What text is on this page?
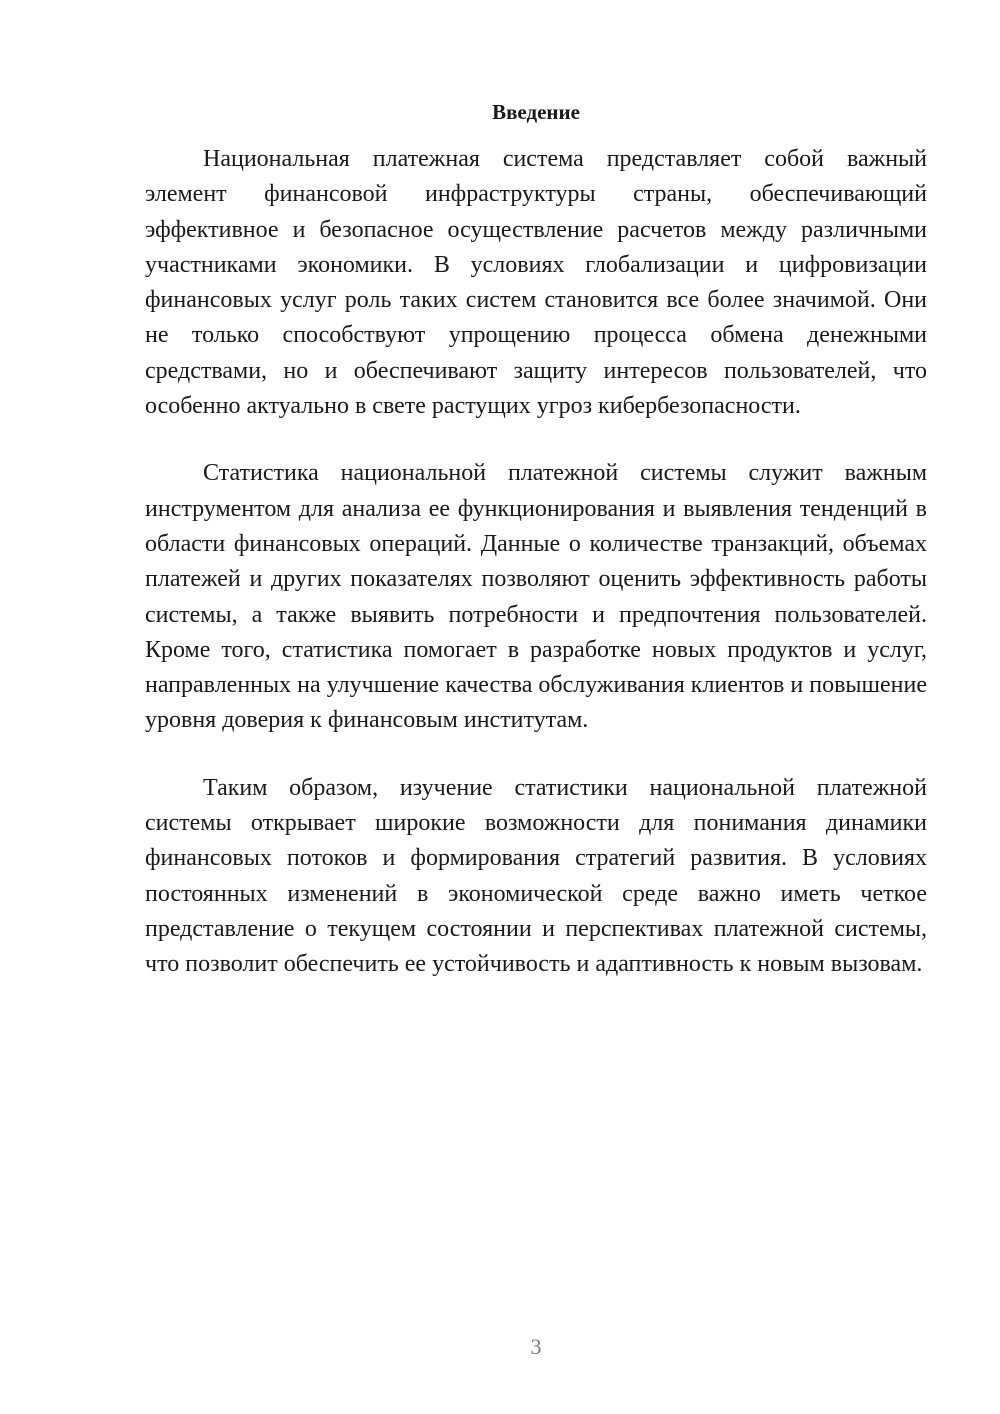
Введение

Национальная платежная система представляет собой важный элемент финансовой инфраструктуры страны, обеспечивающий эффективное и безопасное осуществление расчетов между различными участниками экономики. В условиях глобализации и цифровизации финансовых услуг роль таких систем становится все более значимой. Они не только способствуют упрощению процесса обмена денежными средствами, но и обеспечивают защиту интересов пользователей, что особенно актуально в свете растущих угроз кибербезопасности.

Статистика национальной платежной системы служит важным инструментом для анализа ее функционирования и выявления тенденций в области финансовых операций. Данные о количестве транзакций, объемах платежей и других показателях позволяют оценить эффективность работы системы, а также выявить потребности и предпочтения пользователей. Кроме того, статистика помогает в разработке новых продуктов и услуг, направленных на улучшение качества обслуживания клиентов и повышение уровня доверия к финансовым институтам.

Таким образом, изучение статистики национальной платежной системы открывает широкие возможности для понимания динамики финансовых потоков и формирования стратегий развития. В условиях постоянных изменений в экономической среде важно иметь четкое представление о текущем состоянии и перспективах платежной системы, что позволит обеспечить ее устойчивость и адаптивность к новым вызовам.

3
